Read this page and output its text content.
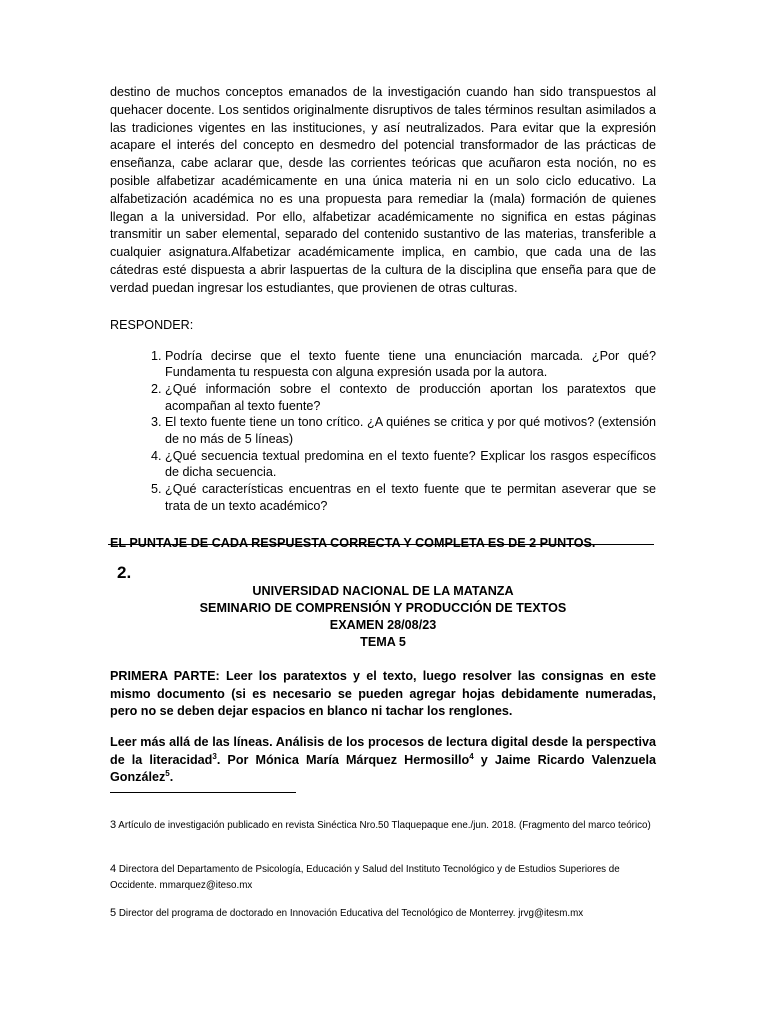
destino de muchos conceptos emanados de la investigación cuando han sido transpuestos al quehacer docente. Los sentidos originalmente disruptivos de tales términos resultan asimilados a las tradiciones vigentes en las instituciones, y así neutralizados. Para evitar que la expresión acapare el interés del concepto en desmedro del potencial transformador de las prácticas de enseñanza, cabe aclarar que, desde las corrientes teóricas que acuñaron esta noción, no es posible alfabetizar académicamente en una única materia ni en un solo ciclo educativo. La alfabetización académica no es una propuesta para remediar la (mala) formación de quienes llegan a la universidad. Por ello, alfabetizar académicamente no significa en estas páginas transmitir un saber elemental, separado del contenido sustantivo de las materias, transferible a cualquier asignatura.Alfabetizar académicamente implica, en cambio, que cada una de las cátedras esté dispuesta a abrir laspuertas de la cultura de la disciplina que enseña para que de verdad puedan ingresar los estudiantes, que provienen de otras culturas.

RESPONDER:
1. Podría decirse que el texto fuente tiene una enunciación marcada. ¿Por qué? Fundamenta tu respuesta con alguna expresión usada por la autora.
2. ¿Qué información sobre el contexto de producción aportan los paratextos que acompañan al texto fuente?
3. El texto fuente tiene un tono crítico. ¿A quiénes se critica y por qué motivos? (extensión de no más de 5 líneas)
4. ¿Qué secuencia textual predomina en el texto fuente? Explicar los rasgos específicos de dicha secuencia.
5. ¿Qué características encuentras en el texto fuente que te permitan aseverar que se trata de un texto académico?
EL PUNTAJE DE CADA RESPUESTA CORRECTA Y COMPLETA ES DE 2 PUNTOS.
2.
UNIVERSIDAD NACIONAL DE LA MATANZA
SEMINARIO DE COMPRENSIÓN Y PRODUCCIÓN DE TEXTOS
EXAMEN 28/08/23
TEMA 5
PRIMERA PARTE: Leer los paratextos y el texto, luego resolver las consignas en este mismo documento (si es necesario se pueden agregar hojas debidamente numeradas, pero no se deben dejar espacios en blanco ni tachar los renglones.
Leer más allá de las líneas. Análisis de los procesos de lectura digital desde la perspectiva de la literacidad$^3$. Por Mónica María Márquez Hermosillo$^4$ y Jaime Ricardo Valenzuela González$^5$.
3 Artículo de investigación publicado en revista Sinéctica Nro.50 Tlaquepaque ene./jun. 2018. (Fragmento del marco teórico)
4 Directora del Departamento de Psicología, Educación y Salud del Instituto Tecnológico y de Estudios Superiores de Occidente. mmarquez@iteso.mx
5 Director del programa de doctorado en Innovación Educativa del Tecnológico de Monterrey. jrvg@itesm.mx
